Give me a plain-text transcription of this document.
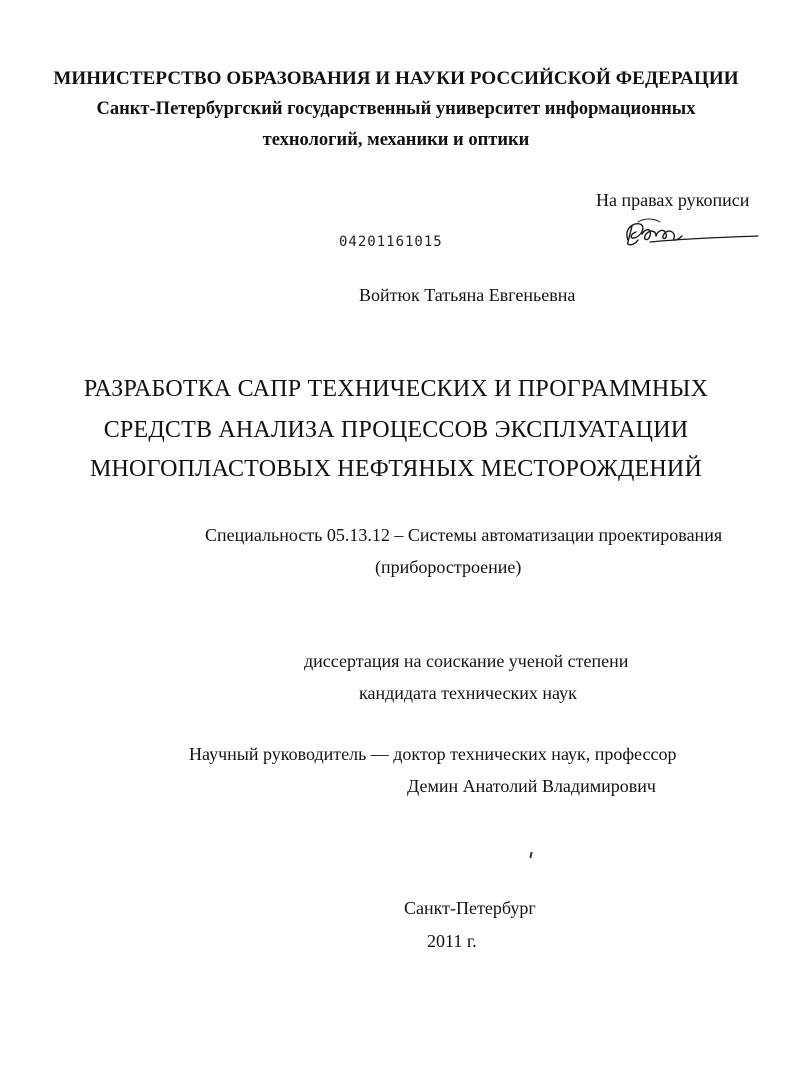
МИНИСТЕРСТВО ОБРАЗОВАНИЯ И НАУКИ РОССИЙСКОЙ ФЕДЕРАЦИИ
Санкт-Петербургский государственный университет информационных
технологий, механики и оптики
На правах рукописи
04201161015
Войтюк Татьяна Евгеньевна
РАЗРАБОТКА САПР ТЕХНИЧЕСКИХ И ПРОГРАММНЫХ
СРЕДСТВ АНАЛИЗА ПРОЦЕССОВ ЭКСПЛУАТАЦИИ
МНОГОПЛАСТОВЫХ НЕФТЯНЫХ МЕСТОРОЖДЕНИЙ
Специальность 05.13.12 – Системы автоматизации проектирования
(приборостроение)
диссертация на соискание ученой степени
кандидата технических наук
Научный руководитель — доктор технических наук, профессор
Демин Анатолий Владимирович
Санкт-Петербург
2011 г.
